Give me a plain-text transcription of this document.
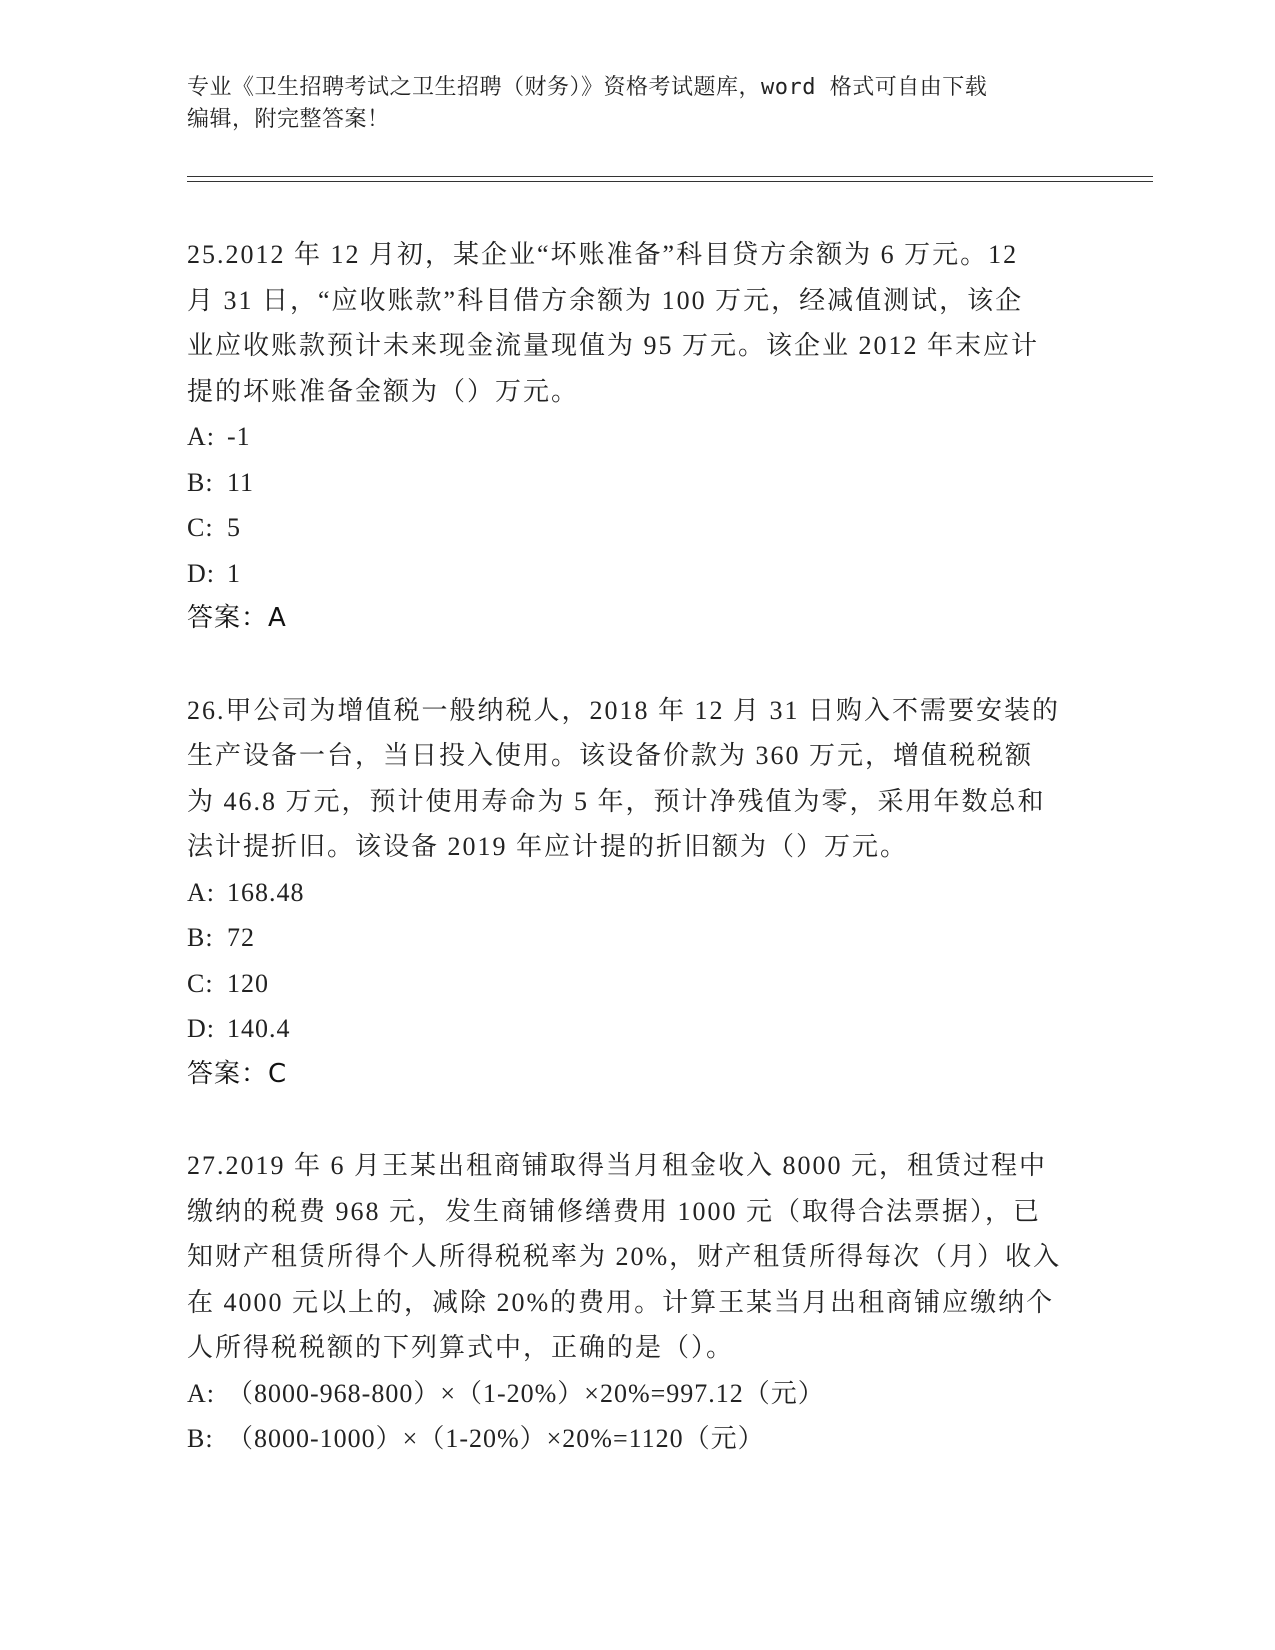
专业《卫生招聘考试之卫生招聘（财务）》资格考试题库，word 格式可自由下载
编辑，附完整答案！

25.2012 年 12 月初，某企业“坏账准备”科目贷方余额为 6 万元。12
月 31 日，“应收账款”科目借方余额为 100 万元，经减值测试，该企
业应收账款预计未来现金流量现值为 95 万元。该企业 2012 年末应计
提的坏账准备金额为（）万元。

A: -1

B: 11

C: 5

D: 1

答案：A

26.甲公司为增值税一般纳税人，2018 年 12 月 31 日购入不需要安装的
生产设备一台，当日投入使用。该设备价款为 360 万元，增值税税额
为 46.8 万元，预计使用寿命为 5 年，预计净残值为零，采用年数总和
法计提折旧。该设备 2019 年应计提的折旧额为（）万元。

A: 168.48

B: 72

C: 120

D: 140.4

答案：C

27.2019 年 6 月王某出租商铺取得当月租金收入 8000 元，租赁过程中
缴纳的税费 968 元，发生商铺修缮费用 1000 元（取得合法票据），已
知财产租赁所得个人所得税税率为 20%，财产租赁所得每次（月）收入
在 4000 元以上的，减除 20%的费用。计算王某当月出租商铺应缴纳个
人所得税税额的下列算式中，正确的是（）。

A: （8000-968-800）×（1-20%）×20%=997.12（元）

B: （8000-1000）×（1-20%）×20%=1120（元）
